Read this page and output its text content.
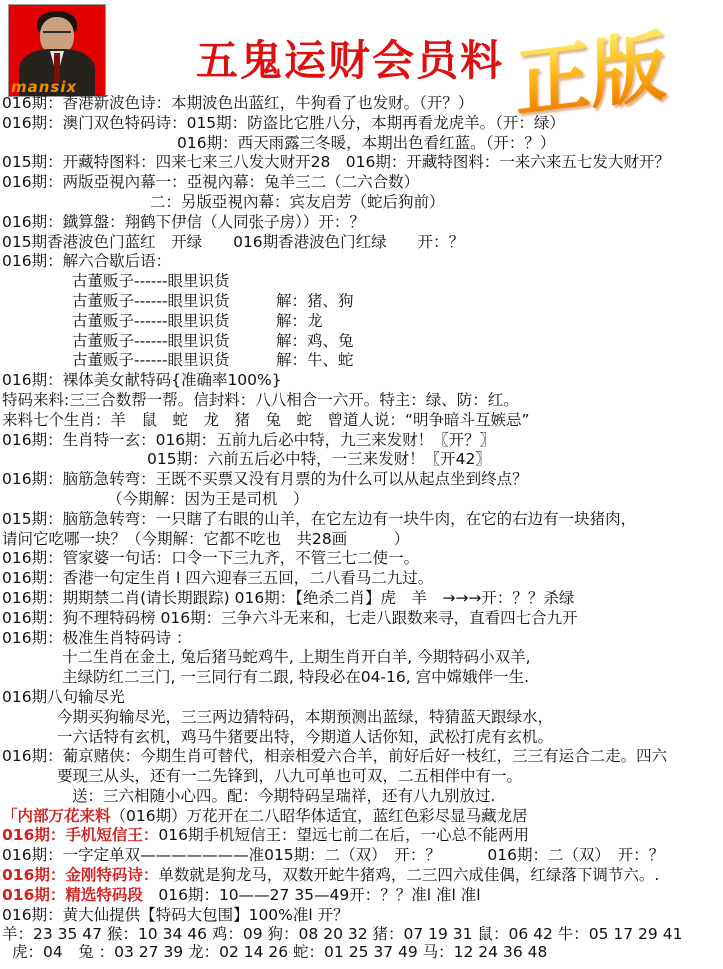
mansix
五鬼运财会员料 正版
016期：香港新波色诗：本期波色出蓝红，牛狗看了也发财。（开？）
016期：澳门双色特码诗：015期：防盗比它胜八分，本期再看龙虎羊。（开：绿）
016期：西天雨露三冬暖，本期出色看红蓝。（开：？）
015期：开藏特图料：四来七来三八发大财开28　016期：开藏特图料：一来六来五七发大财开？
016期：两版亞視內幕一：亞視內幕：兔羊三二（二六合数）
二：另版亞視內幕：宾友启芳（蛇后狗前）
016期：鐡算盤：翔鹤下伊信（人同张子房））开：？
015期香港波色门蓝红　开绿　　016期香港波色门红绿　　开：？
016期：解六合歇后语：
古董贩子------眼里识货
古董贩子------眼里识货　　　解：猪、狗
古董贩子------眼里识货　　　解：龙
古董贩子------眼里识货　　　解：鸡、兔
古董贩子------眼里识货　　　解：牛、蛇
016期：裸体美女献特码{准确率100%}
特码来料:三三合数帮一帮。信封料：八八相合一六开。特主：绿、防：红。
来料七个生肖：羊　鼠　蛇　龙　猪　兔　蛇　曾道人说：“明争暗斗互嫉忌”
016期：生肖特一玄：016期：五前九后必中特，九三来发财！〖开？〗
015期：六前五后必中特，一三来发财！〖开42〗
016期：脑筋急转弯：王既不买票又没有月票的为什么可以从起点坐到终点？
（今期解：因为王是司机　）
015期：脑筋急转弯：一只瞎了右眼的山羊，在它左边有一块牛肉，在它的右边有一块猪肉，
请问它吃哪一块？（今期解：它都不吃也　共28画　　　）
016期：管家婆一句话：口令一下三九齐，不管三七二使一。
016期：香港一句定生肖 l 四六迎春三五回，二八看马二九过。
016期：期期禁二肖(请长期跟踪) 016期：【绝杀二肖】虎　羊　→→→开：？？杀绿
016期：狗不理特码榜 016期：三争六斗无来和，七走八跟数来寻，直看四七合九开
016期：极准生肖特码诗 ：
十二生肖在金土, 兔后猪马蛇鸡牛, 上期生肖开白羊, 今期特码小双羊,
主绿防红二三门, 一三同行有二跟, 特段必在04-16, 宫中嫦娥伴一生.
016期八句输尽光
今期买狗输尽光，三三两边猜特码，本期预测出蓝绿，特猜蓝天跟绿水，
一六话特有玄机，鸡马牛猪要出特，今期道人话你知，武松打虎有玄机。
016期：葡京赌侠：今期生肖可替代，相亲相爱六合羊，前好后好一枝红，三三有运合二走。四六
要现三从头，还有一二先锋到，八九可单也可双，二五相伴中有一。
送：三六相随小心四。配：今期特码呈瑞祥，还有八九别放过.
「内部万花来料（016期）万花开在二八昭华体适宜，蓝红色彩尽显马藏龙居
016期：手机短信王：016期手机短信王：望远七前二在后，一心总不能两用
016期：一字定单双———————准015期：二（双）　开：？　　　016期：二（双）　开：？
016期：金刚特码诗：单数就是狗龙马，双数开蛇牛猪鸡，二三四六成佳偶，红绿落下调节六。.
016期：精选特码段　016期：10——27 35—49开：？？准l 准l 准l
016期：黄大仙提供【特码大包围】100%准l 开？
羊：23 35 47 猴：10 34 46 鸡：09 狗：08 20 32 猪：07 19 31 鼠：06 42 牛：05 17 29 41
虎：04　兔 ：03 27 39 龙：02 14 26 蛇：01 25 37 49 马：12 24 36 48
